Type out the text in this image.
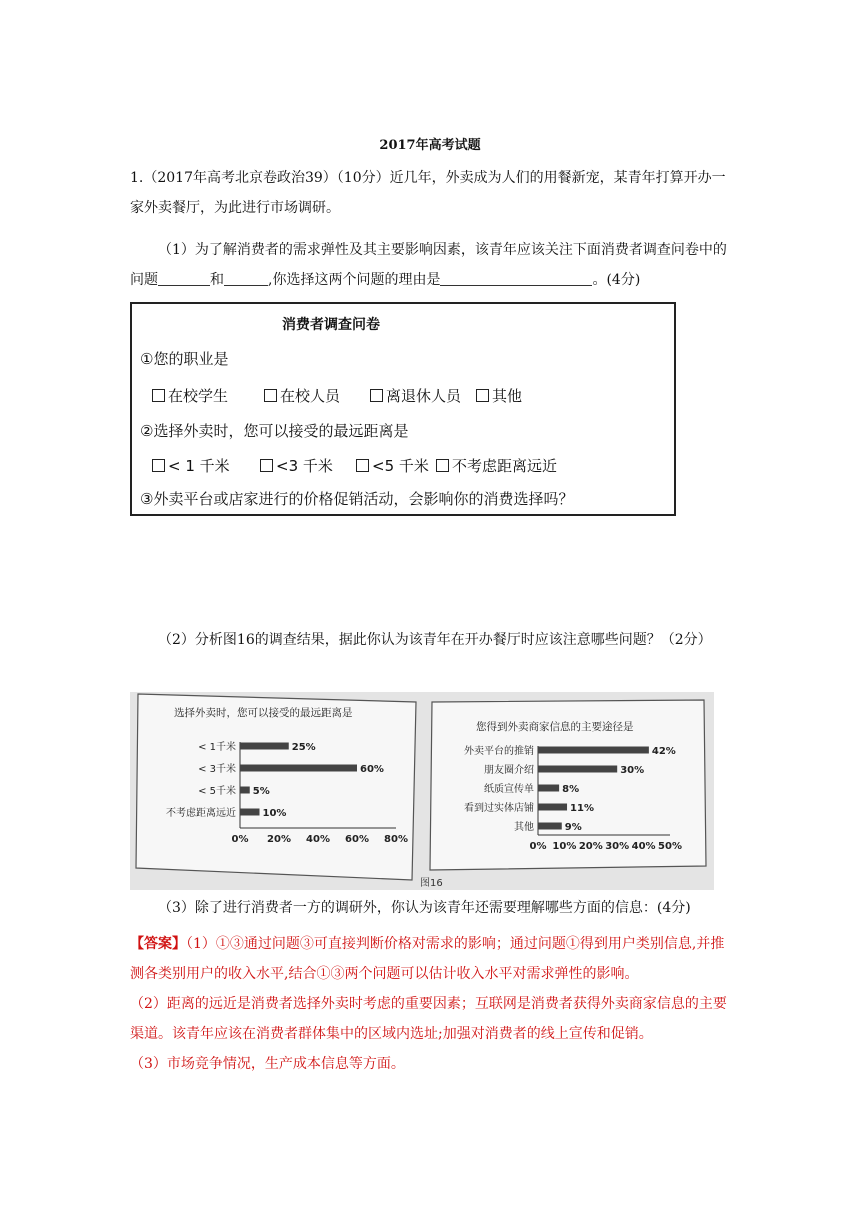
2017年高考试题
1.（2017年高考北京卷政治39）（10分）近几年，外卖成为人们的用餐新宠，某青年打算开办一家外卖餐厅，为此进行市场调研。
（1）为了解消费者的需求弹性及其主要影响因素，该青年应该关注下面消费者调查问卷中的问题	和	,你选择这两个问题的理由是	。(4分)
消费者调查问卷
①您的职业是
在校学生	在校人员	离退休人员	其他
②选择外卖时，您可以接受的最远距离是
< 1 千米	<3 千米	<5 千米	不考虑距离远近
③外卖平台或店家进行的价格促销活动，会影响你的消费选择吗？
（2）分析图16的调查结果，据此你认为该青年在开办餐厅时应该注意哪些问题？（2分）
选择外卖时，您可以接受的最远距离是
< 1千米	25%
< 3千米	60%
< 5千米 5%
不考虑距离远近	10%
0% 20% 40% 60% 80%
您得到外卖商家信息的主要途径是
外卖平台的推销	42%
朋友圈介绍	30%
纸质宣传单	8%
看到过实体店铺	11%
其他	9%
0% 10% 20% 30% 40% 50%
图16
（3）除了进行消费者一方的调研外，你认为该青年还需要理解哪些方面的信息：(4分)
【答案】（1）①③通过问题③可直接判断价格对需求的影响；通过问题①得到用户类别信息,并推测各类别用户的收入水平,结合①③两个问题可以估计收入水平对需求弹性的影响。
（2）距离的远近是消费者选择外卖时考虑的重要因素；互联网是消费者获得外卖商家信息的主要渠道。该青年应该在消费者群体集中的区域内选址;加强对消费者的线上宣传和促销。
（3）市场竞争情况，生产成本信息等方面。
